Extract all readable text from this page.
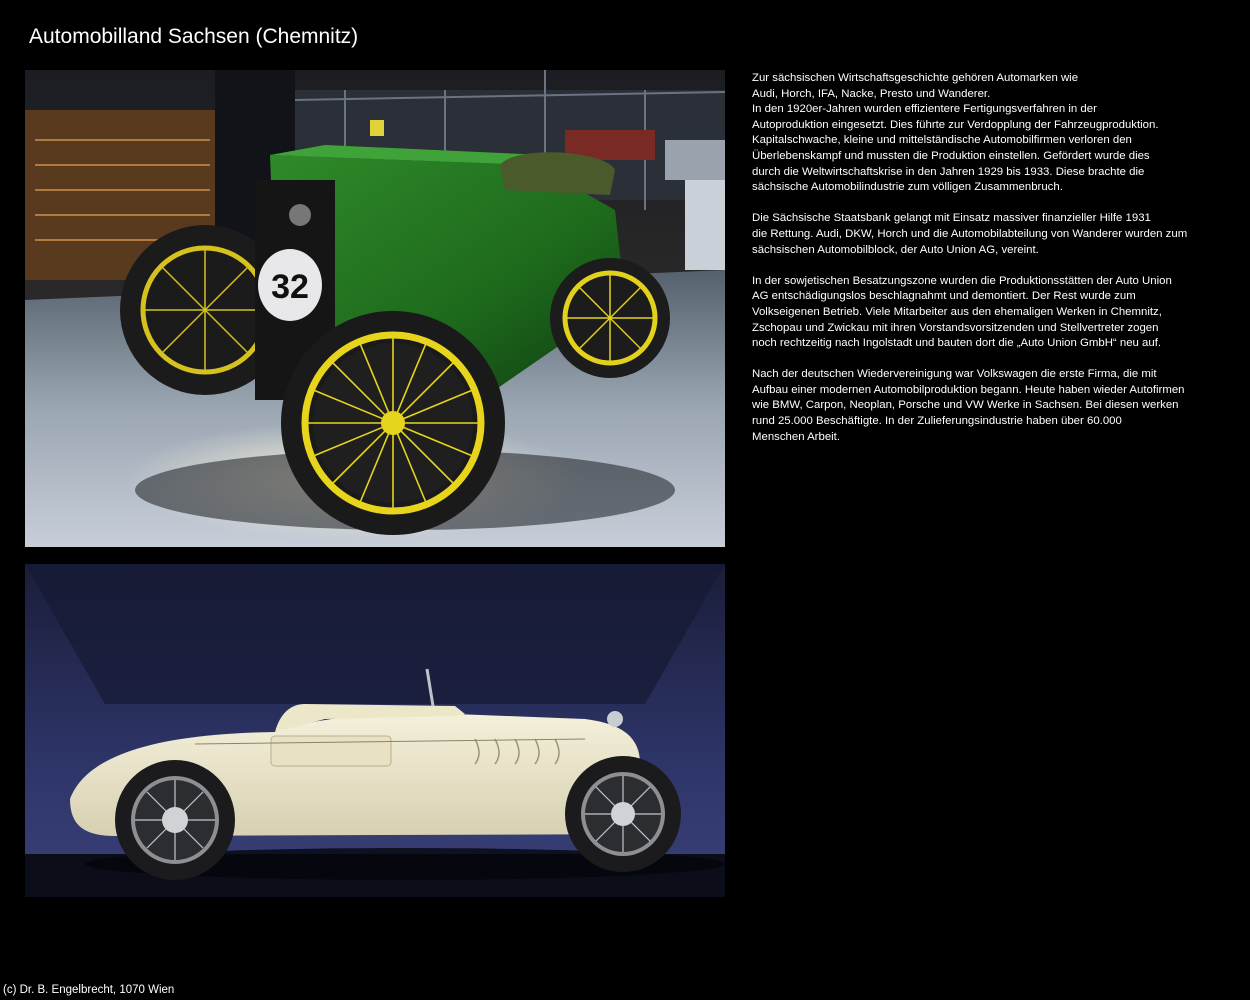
Automobilland Sachsen (Chemnitz)
32

Zur sächsischen Wirtschaftsgeschichte gehören Automarken wie
Audi, Horch, IFA, Nacke, Presto und Wanderer.
In den 1920er-Jahren wurden effizientere Fertigungsverfahren in der
Autoproduktion eingesetzt. Dies führte zur Verdopplung der Fahrzeugproduktion.
Kapitalschwache, kleine und mittelständische Automobilfirmen verloren den
Überlebenskampf und mussten die Produktion einstellen. Gefördert wurde dies
durch die Weltwirtschaftskrise in den Jahren 1929 bis 1933. Diese brachte die
sächsische Automobilindustrie zum völligen Zusammenbruch.

Die Sächsische Staatsbank gelangt mit Einsatz massiver finanzieller Hilfe 1931
die Rettung. Audi, DKW, Horch und die Automobilabteilung von Wanderer wurden zum
sächsischen Automobilblock, der Auto Union AG, vereint.

In der sowjetischen Besatzungszone wurden die Produktionsstätten der Auto Union
AG entschädigungslos beschlagnahmt und demontiert. Der Rest wurde zum
Volkseigenen Betrieb. Viele Mitarbeiter aus den ehemaligen Werken in Chemnitz,
Zschopau und Zwickau mit ihren Vorstandsvorsitzenden und Stellvertreter zogen
noch rechtzeitig nach Ingolstadt und bauten dort die „Auto Union GmbH“ neu auf.

Nach der deutschen Wiedervereinigung war Volkswagen die erste Firma, die mit
Aufbau einer modernen Automobilproduktion begann. Heute haben wieder Autofirmen
wie BMW, Carpon, Neoplan, Porsche und VW Werke in Sachsen. Bei diesen werken
rund 25.000 Beschäftigte. In der Zulieferungsindustrie haben über 60.000
Menschen Arbeit.

(c) Dr. B. Engelbrecht, 1070 Wien
